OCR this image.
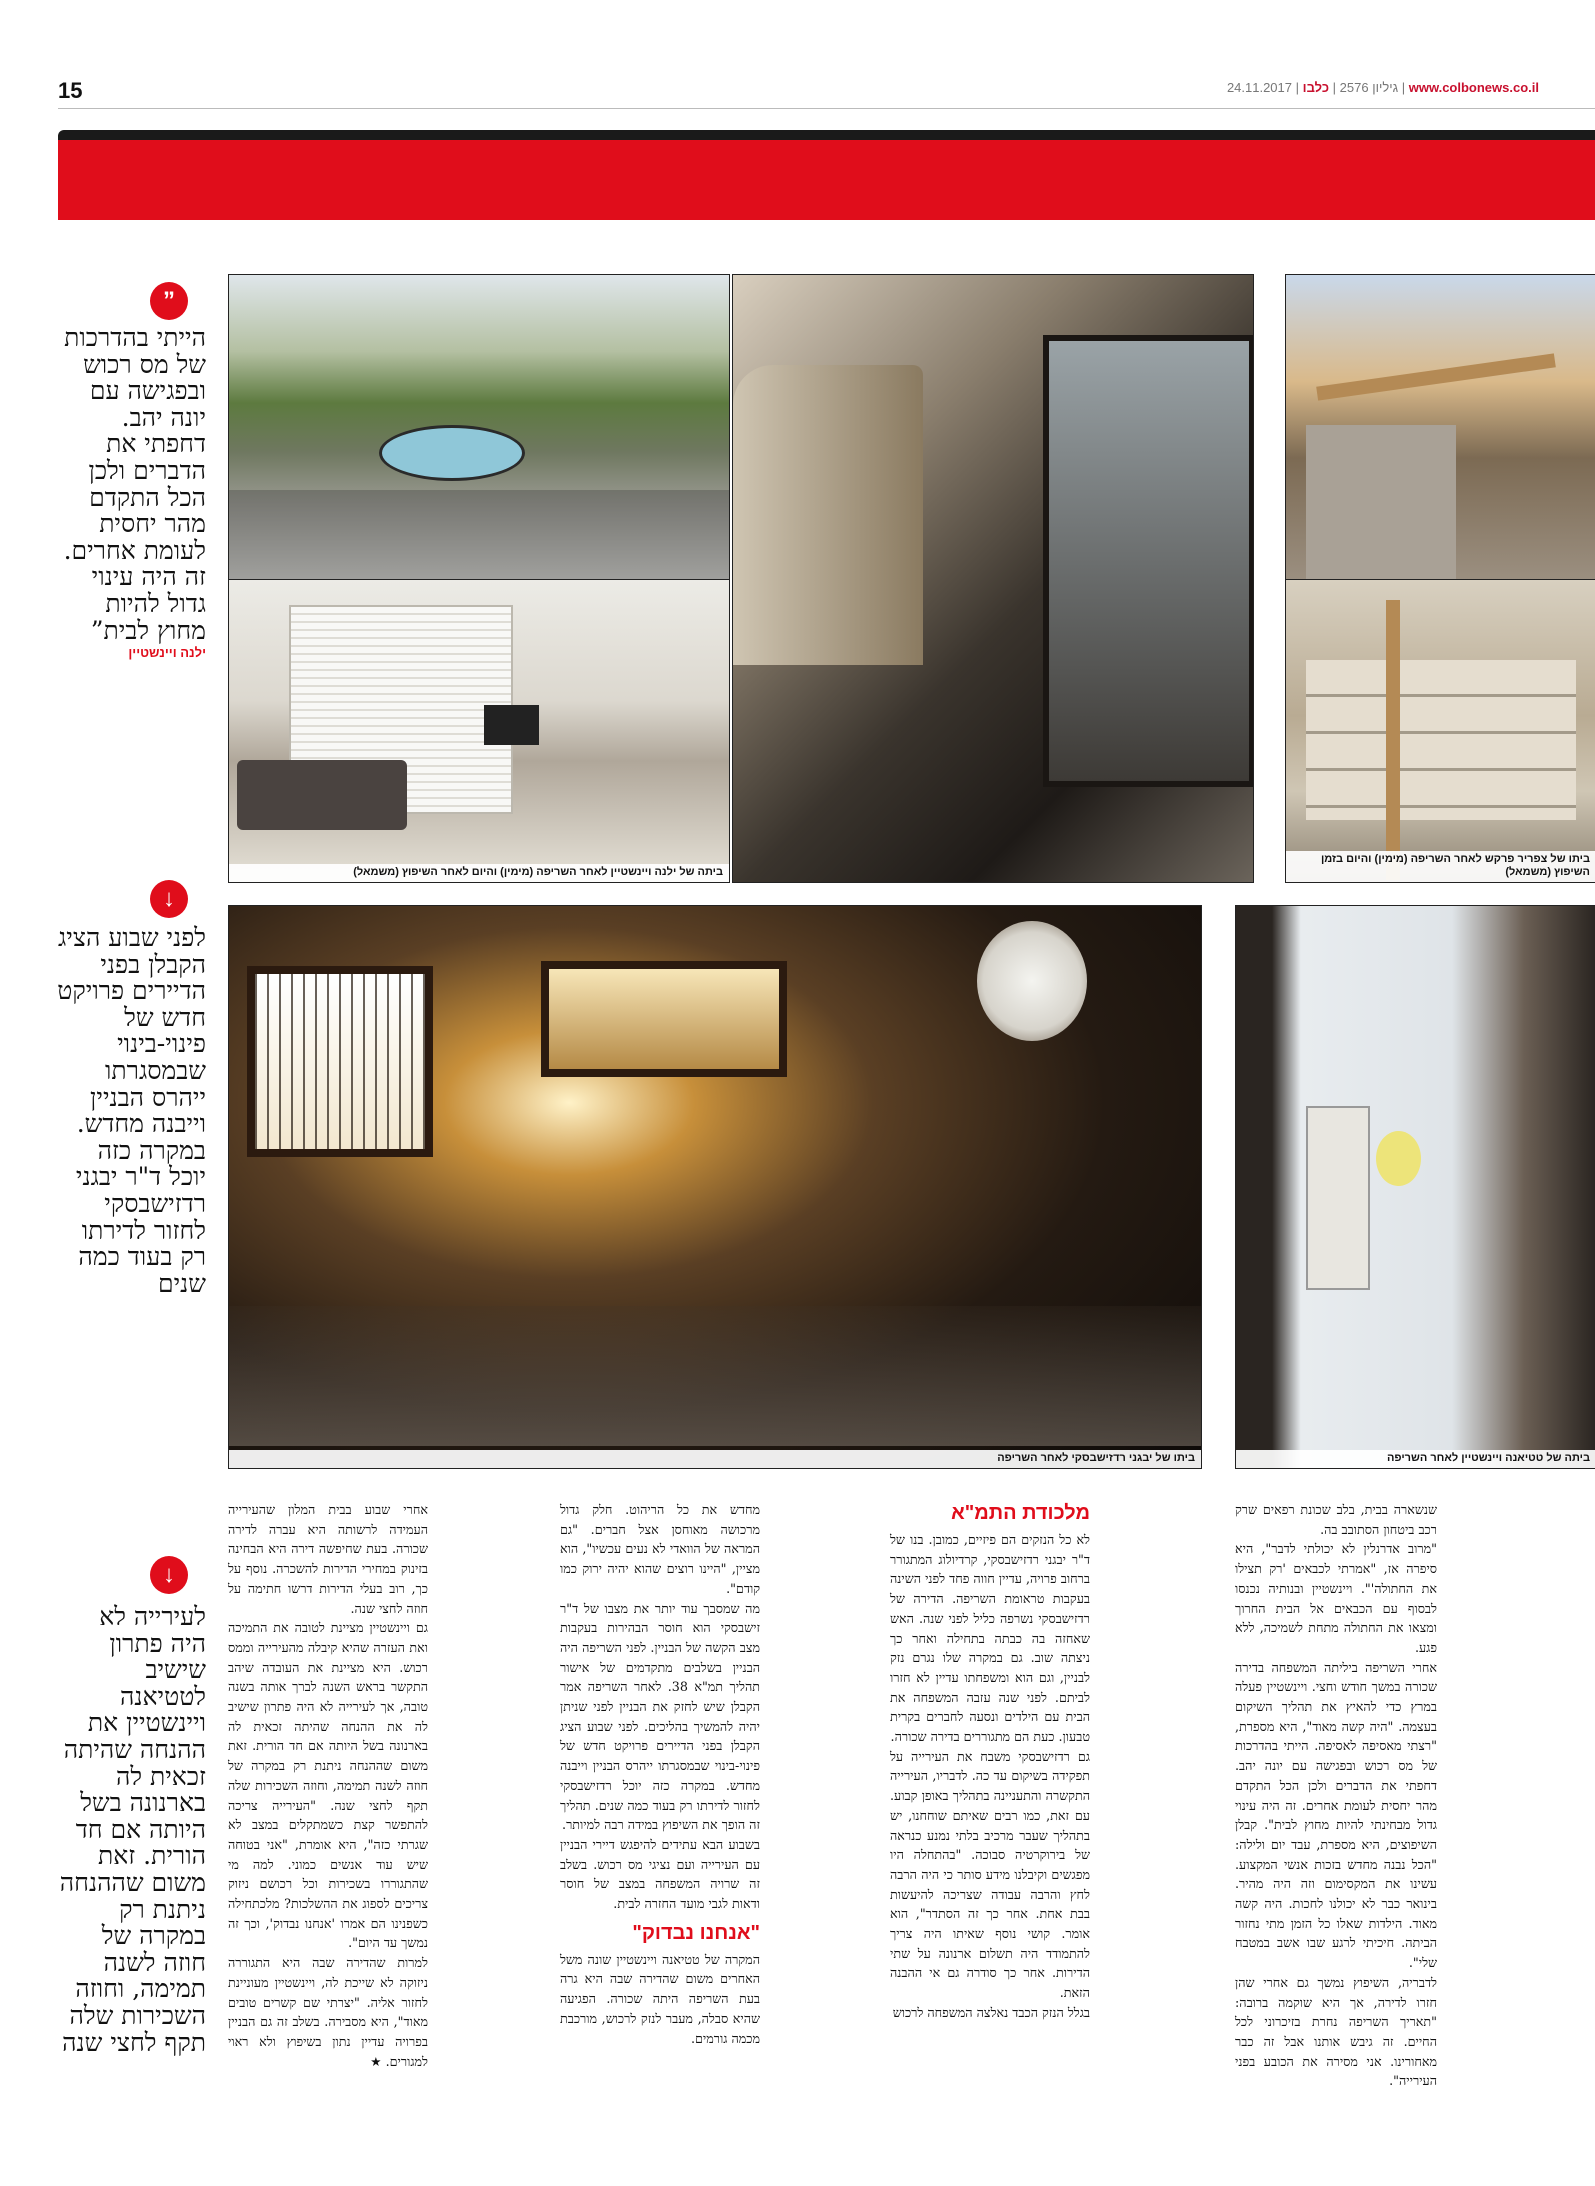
15	24.11.2017 |	גיליון 2576 | כלבו	| www.colbonews.co.il
ביתה של ילנה ויינשטיין לאחר השריפה (מימין) והיום לאחר השיפוץ (משמאל)
ביתו של צפריר פרקש לאחר השריפה (מימין) והיום בזמן השיפוץ (משמאל)
ביתו של יבגני רדזישבסקי לאחר השריפה	ביתה של טטיאנה ויינשטיין לאחר השריפה
”
הייתי בהדרכות של מס רכוש ובפגישה עם יונה יהב. דחפתי את הדברים ולכן הכל התקדם מהר יחסית לעומת אחרים. זה היה עינוי גדול להיות מחוץ לבית”
ילנה ויינשטיין
↓
לפני שבוע הציג הקבלן בפני הדיירים פרויקט חדש של פינוי-בינוי שבמסגרתו ייהרס הבניין וייבנה מחדש. במקרה כזה יוכל ד"ר יבגני רדזישבסקי לחזור לדירתו רק בעוד כמה שנים
↓
לעירייה לא היה פתרון שישיב לטטיאנה ויינשטיין את ההנחה שהיתה זכאית לה בארנונה בשל היותה אם חד הורית. זאת משום שההנחה ניתנת רק במקרה של חוזה לשנה תמימה, וחוזה השכירות שלה תקף לחצי שנה

שנשארה בבית, בלב שכונת רפאים שרק רכב ביטחון הסתובב בה.

"מרוב אדרנלין לא יכולתי לדבר", היא סיפרה אז, "אמרתי לכבאים 'רק תצילו את החתולה'". ויינשטיין ובנותיה נכנסו לבסוף עם הכבאים אל הבית החרוך ומצאו את החתולה מתחת לשמיכה, ללא פגע.

אחרי השריפה ביליתה המשפחה בדירה שכורה במשך חודש וחצי. ויינשטיין פעלה במרץ כדי להאיץ את תהליך השיקום בעצמה. "היה קשה מאוד", היא מספרת, "רצתי מאסיפה לאסיפה. הייתי בהדרכות של מס רכוש ובפגישה עם יונה יהב. דחפתי את הדברים ולכן הכל התקדם מהר יחסית לעומת אחרים. זה היה עינוי גדול מבחינתי להיות מחוץ לבית". קבלן השיפוצים, היא מספרת, עבד יום ולילה: "הכל נבנה מחדש בזכות אנשי המקצוע. עשינו את המקסימום וזה היה מהיר. בינואר כבר לא יכולנו לחכות. היה קשה מאוד. הילדות שאלו כל הזמן מתי נחזור הביתה. חיכיתי לרגע שבו אשב במטבח שלי".

לדבריה, השיפוץ נמשך גם אחרי שהן חזרו לדירה, אך היא שוקמה ברובה: "תאריך השריפה נחרת בזיכרוני לכל החיים. זה גיבש אותנו אבל זה כבר מאחורינו. אני מסירה את הכובע בפני העירייה".

מלכודת התמ"א

לא כל הנזקים הם פיזיים, כמובן. בנו של ד"ר יבגני רדזישבסקי, קרדיולוג המתגורר ברחוב פרויה, עדיין חווה פחד לפני השינה בעקבות טראומת השריפה. הדירה של רדזישבסקי נשרפה כליל לפני שנה. האש שאחזה בה כבתה בתחילה ואחר כך ניצתה שוב. גם במקרה שלו נגרם נזק לבניין, וגם הוא ומשפחתו עדיין לא חזרו לביתם. לפני שנה עזבה המשפחה את הבית עם הילדים ונסעה לחברים בקרית טבעון. כעת הם מתגוררים בדירה שכורה.

גם רדזישבסקי משבח את העירייה על תפקידה בשיקום עד כה. לדבריו, העירייה התקשרה והתעניינה בתהליך באופן קבוע. עם זאת, כמו רבים שאיתם שוחחנו, יש בתהליך שעבר מרכיב בלתי נמנע כנראה של בירוקרטיה סבוכה. "בהתחלה היו מפגשים וקיבלנו מידע סותר כי היה הרבה לחץ והרבה עבודה שצריכה להיעשות בבת אחת. אחר כך זה הסתדר", הוא אומר. קושי נוסף שאיתו היה צריך להתמודד היה תשלום ארנונה על שתי הדירות. אחר כך סודרה גם אי ההבנה הזאת.

בגלל הנזק הכבד נאלצה המשפחה לרכוש

מחדש את כל הריהוט. חלק גדול מרכושה מאוחסן אצל חברים. "גם המראה של הוואדי לא נעים עכשיו", הוא מציין, "היינו רוצים שהוא יהיה ירוק כמו קודם".

מה שמסבך עוד יותר את מצבו של ד"ר זישבסקי הוא חוסר הבהירות בעקבות מצב הקשה של הבניין. לפני השריפה היה הבניין בשלבים מתקדמים של אישור תהליך תמ"א 38. לאחר השריפה אמר הקבלן שיש לחזק את הבניין לפני שניתן יהיה להמשיך בהליכים. לפני שבוע הציג הקבלן בפני הדיירים פרויקט חדש של פינוי-בינוי שבמסגרתו ייהרס הבניין וייבנה מחדש. במקרה כזה יוכל רדזישבסקי לחזור לדירתו רק בעוד כמה שנים. תהליך זה הופך את השיפוץ במידה רבה למיותר.

בשבוע הבא עתידים להיפגש דיירי הבניין עם העירייה ועם נציגי מס רכוש. בשלב זה שרויה המשפחה במצב של חוסר ודאות לגבי מועד החזרה לבית.

"אנחנו נבדוק"

המקרה של טטיאנה ויינשטיין שונה משל האחרים משום שהדירה שבה היא גרה בעת השריפה היתה שכורה. הפגיעה שהיא סבלה, מעבר לנזק לרכוש, מורכבת מכמה גורמים.

אחרי שבוע בבית המלון שהעירייה העמידה לרשותה היא עברה לדירה שכורה. בעת שחיפשה דירה היא הבחינה בזינוק במחירי הדירות להשכרה. נוסף על כך, רוב בעלי הדירות דרשו חתימה על חוזה לחצי שנה.

גם ויינשטיין מציינת לטובה את התמיכה ואת העזרה שהיא קיבלה מהעירייה וממס רכוש. היא מציינת את העובדה שיהב התקשר בראש השנה לברך אותה בשנה טובה, אך לעירייה לא היה פתרון שישיב לה את ההנחה שהיתה זכאית לה בארנונה בשל היותה אם חד הורית. זאת משום שההנחה ניתנת רק במקרה של חוזה לשנה תמימה, וחוזה השכירות שלה תקף לחצי שנה. "העירייה צריכה להתפשר קצת כשמתקלים במצב לא שגרתי כזה", היא אומרת, "אני בטוחה שיש עוד אנשים כמוני. למה מי שהתגוררו בשכירות וכל רכושם ניזוק צריכים לספוג את ההשלכות? מלכתחילה כשפנינו הם אמרו 'אנחנו נבדוק', וכך זה נמשך עד היום".

למרות שהדירה שבה היא התגוררה ניזוקה לא שייכת לה, ויינשטיין מעוניינת לחזור אליה. "יצרתי שם קשרים טובים מאוד", היא מסבירה. בשלב זה גם הבניין בפרויה עדיין נתון בשיפוץ ולא ראוי למגורים. ★
